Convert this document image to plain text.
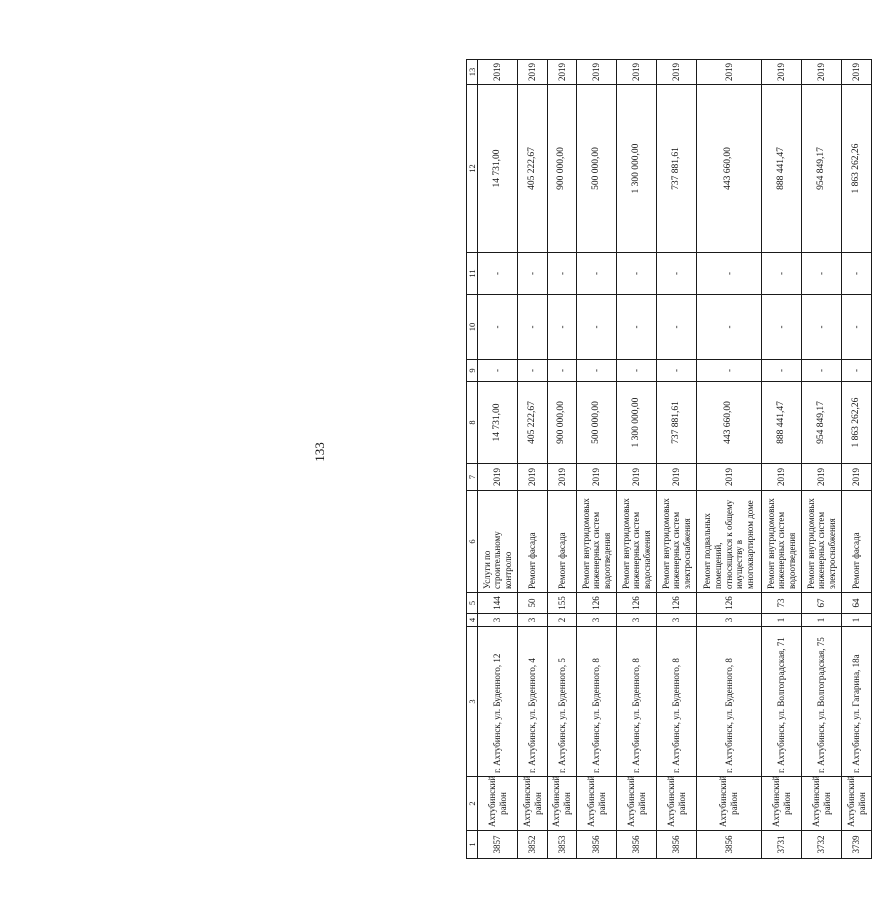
133
1	2	3	4	5	6	7	8	9	10	11	12	13
3857	Ахтубинский район	г. Ахтубинск, ул. Буденного, 12	3	144	Услуги по строительному контролю	2019	14 731,00	-	-	-	14 731,00	2019
3852	Ахтубинский район	г. Ахтубинск, ул. Буденного, 4	3	50	Ремонт фасада	2019	405 222,67	-	-	-	405 222,67	2019
3853	Ахтубинский район	г. Ахтубинск, ул. Буденного, 5	2	155	Ремонт фасада	2019	900 000,00	-	-	-	900 000,00	2019
3856	Ахтубинский район	г. Ахтубинск, ул. Буденного, 8	3	126	Ремонт внутридомовых инженерных систем водоотведения	2019	500 000,00	-	-	-	500 000,00	2019
3856	Ахтубинский район	г. Ахтубинск, ул. Буденного, 8	3	126	Ремонт внутридомовых инженерных систем водоснабжения	2019	1 300 000,00	-	-	-	1 300 000,00	2019
3856	Ахтубинский район	г. Ахтубинск, ул. Буденного, 8	3	126	Ремонт внутридомовых инженерных систем электроснабжения	2019	737 881,61	-	-	-	737 881,61	2019
3856	Ахтубинский район	г. Ахтубинск, ул. Буденного, 8	3	126	Ремонт подвальных помещений, относящихся к общему имуществу в многоквартирном доме	2019	443 660,00	-	-	-	443 660,00	2019
3731	Ахтубинский район	г. Ахтубинск, ул. Волгоградская, 71	1	73	Ремонт внутридомовых инженерных систем водоотведения	2019	888 441,47	-	-	-	888 441,47	2019
3732	Ахтубинский район	г. Ахтубинск, ул. Волгоградская, 75	1	67	Ремонт внутридомовых инженерных систем электроснабжения	2019	954 849,17	-	-	-	954 849,17	2019
3739	Ахтубинский район	г. Ахтубинск, ул. Гагарина, 18а	1	64	Ремонт фасада	2019	1 863 262,26	-	-	-	1 863 262,26	2019
